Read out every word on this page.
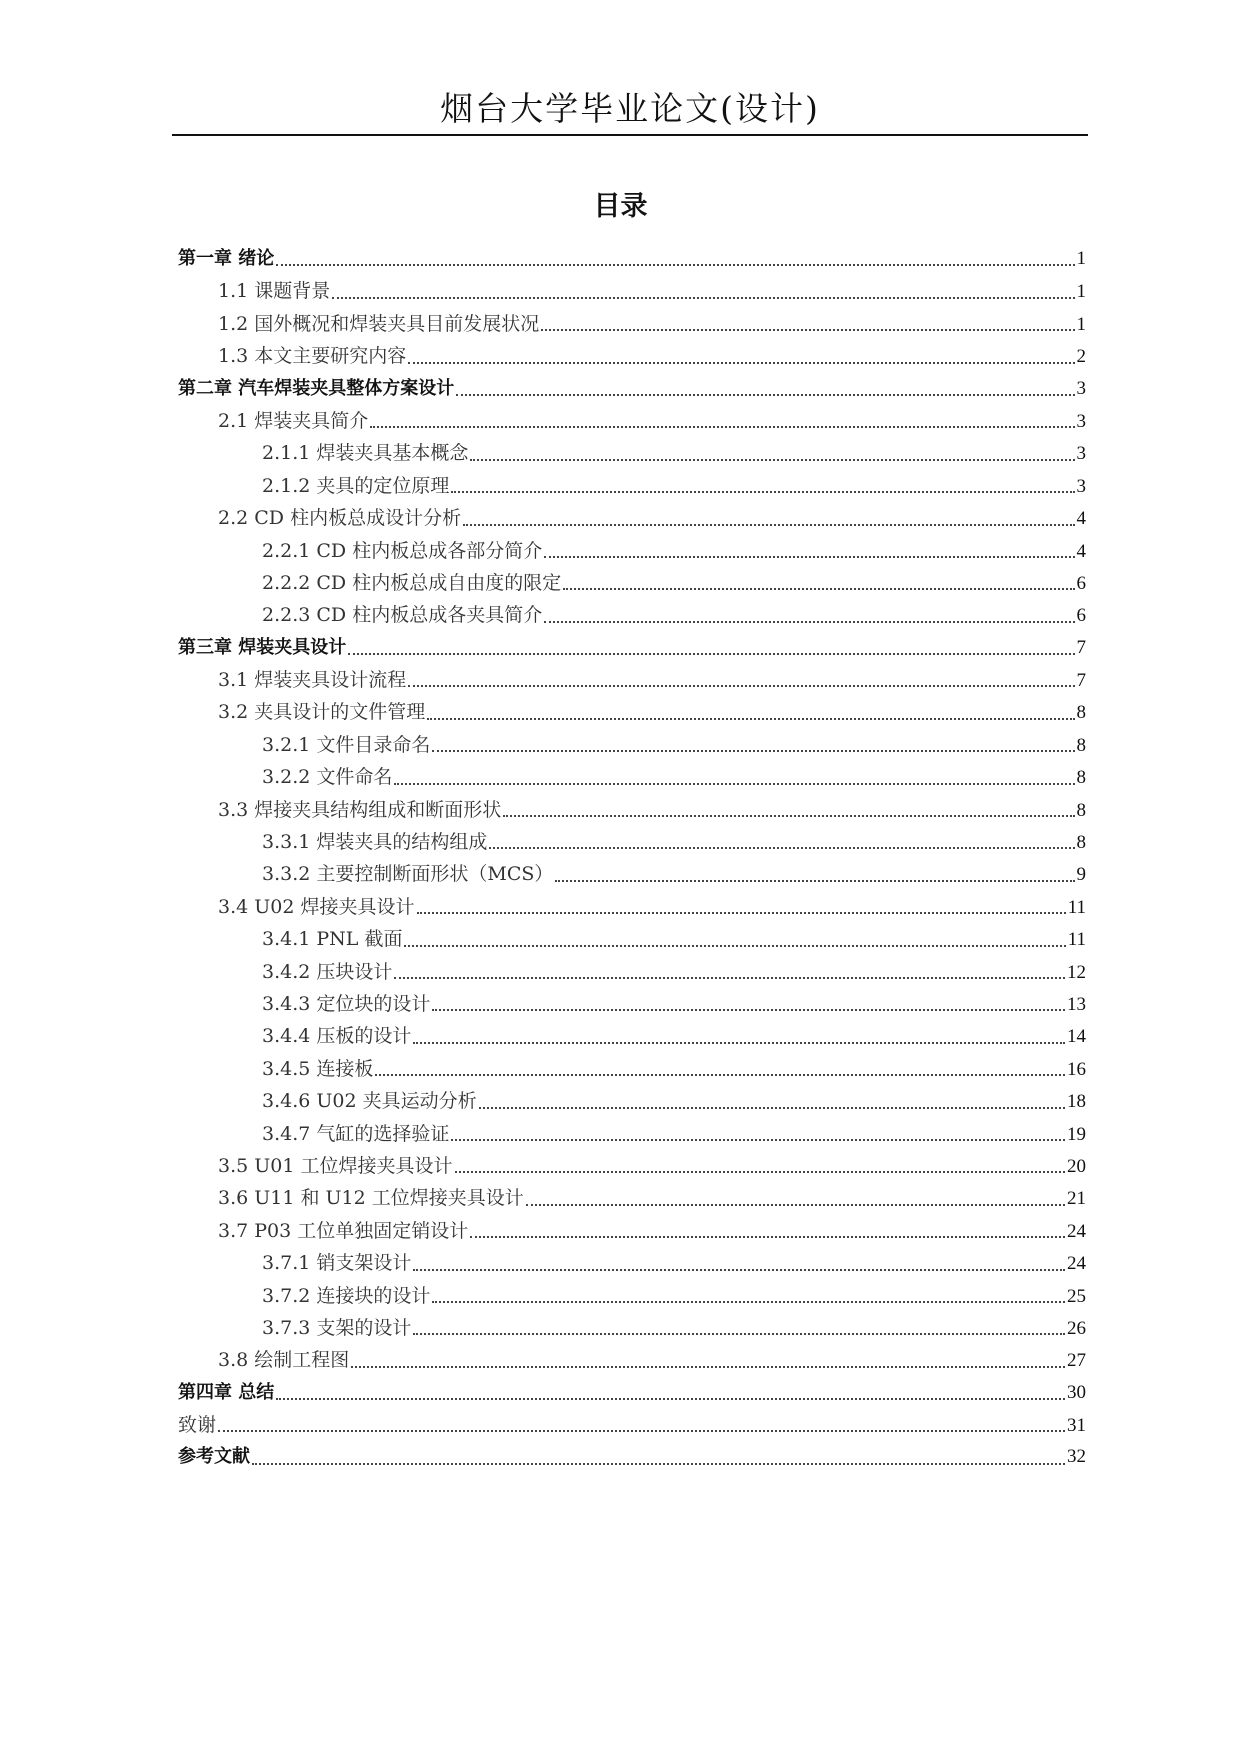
烟台大学毕业论文(设计)
目录
第一章 绪论	1
1.1 课题背景	1
1.2 国外概况和焊装夹具目前发展状况	1
1.3 本文主要研究内容	2
第二章 汽车焊装夹具整体方案设计	3
2.1 焊装夹具简介	3
2.1.1 焊装夹具基本概念	3
2.1.2 夹具的定位原理	3
2.2 CD 柱内板总成设计分析	4
2.2.1 CD 柱内板总成各部分简介	4
2.2.2 CD 柱内板总成自由度的限定	6
2.2.3 CD 柱内板总成各夹具简介	6
第三章 焊装夹具设计	7
3.1 焊装夹具设计流程	7
3.2 夹具设计的文件管理	8
3.2.1 文件目录命名	8
3.2.2 文件命名	8
3.3 焊接夹具结构组成和断面形状	8
3.3.1 焊装夹具的结构组成	8
3.3.2 主要控制断面形状（MCS）	9
3.4 U02 焊接夹具设计	11
3.4.1 PNL 截面	11
3.4.2 压块设计	12
3.4.3 定位块的设计	13
3.4.4 压板的设计	14
3.4.5 连接板	16
3.4.6 U02 夹具运动分析	18
3.4.7 气缸的选择验证	19
3.5 U01 工位焊接夹具设计	20
3.6 U11 和 U12 工位焊接夹具设计	21
3.7 P03 工位单独固定销设计	24
3.7.1 销支架设计	24
3.7.2 连接块的设计	25
3.7.3 支架的设计	26
3.8 绘制工程图	27
第四章 总结	30
致谢	31
参考文献	32
